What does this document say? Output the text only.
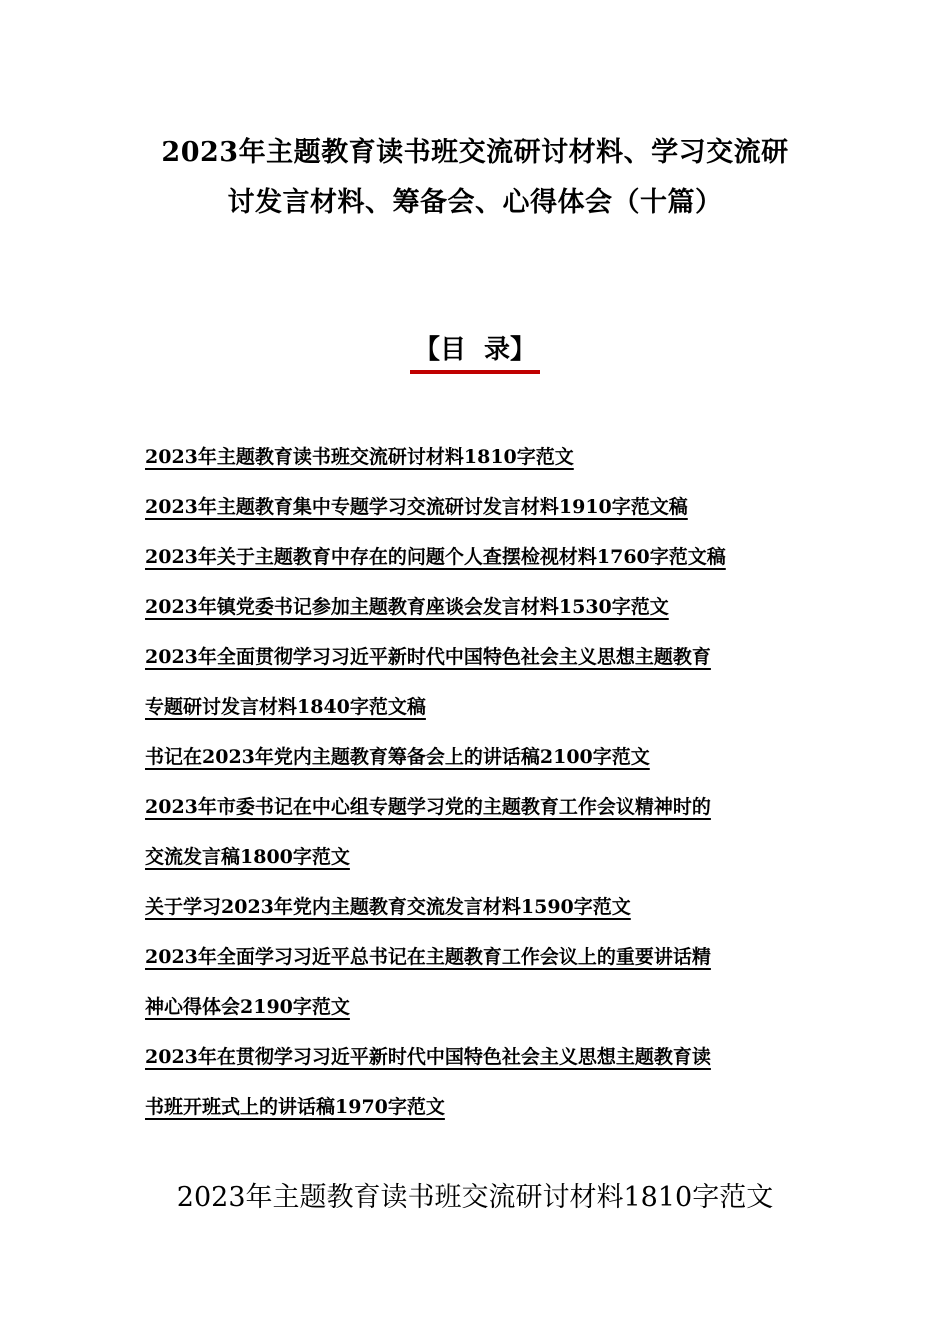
2023年主题教育读书班交流研讨材料、学习交流研
讨发言材料、筹备会、心得体会（十篇）
【目  录】
2023年主题教育读书班交流研讨材料1810字范文
2023年主题教育集中专题学习交流研讨发言材料1910字范文稿
2023年关于主题教育中存在的问题个人查摆检视材料1760字范文稿
2023年镇党委书记参加主题教育座谈会发言材料1530字范文
2023年全面贯彻学习习近平新时代中国特色社会主义思想主题教育
专题研讨发言材料1840字范文稿
书记在2023年党内主题教育筹备会上的讲话稿2100字范文
2023年市委书记在中心组专题学习党的主题教育工作会议精神时的
交流发言稿1800字范文
关于学习2023年党内主题教育交流发言材料1590字范文
2023年全面学习习近平总书记在主题教育工作会议上的重要讲话精
神心得体会2190字范文
2023年在贯彻学习习近平新时代中国特色社会主义思想主题教育读
书班开班式上的讲话稿1970字范文
2023年主题教育读书班交流研讨材料1810字范文
